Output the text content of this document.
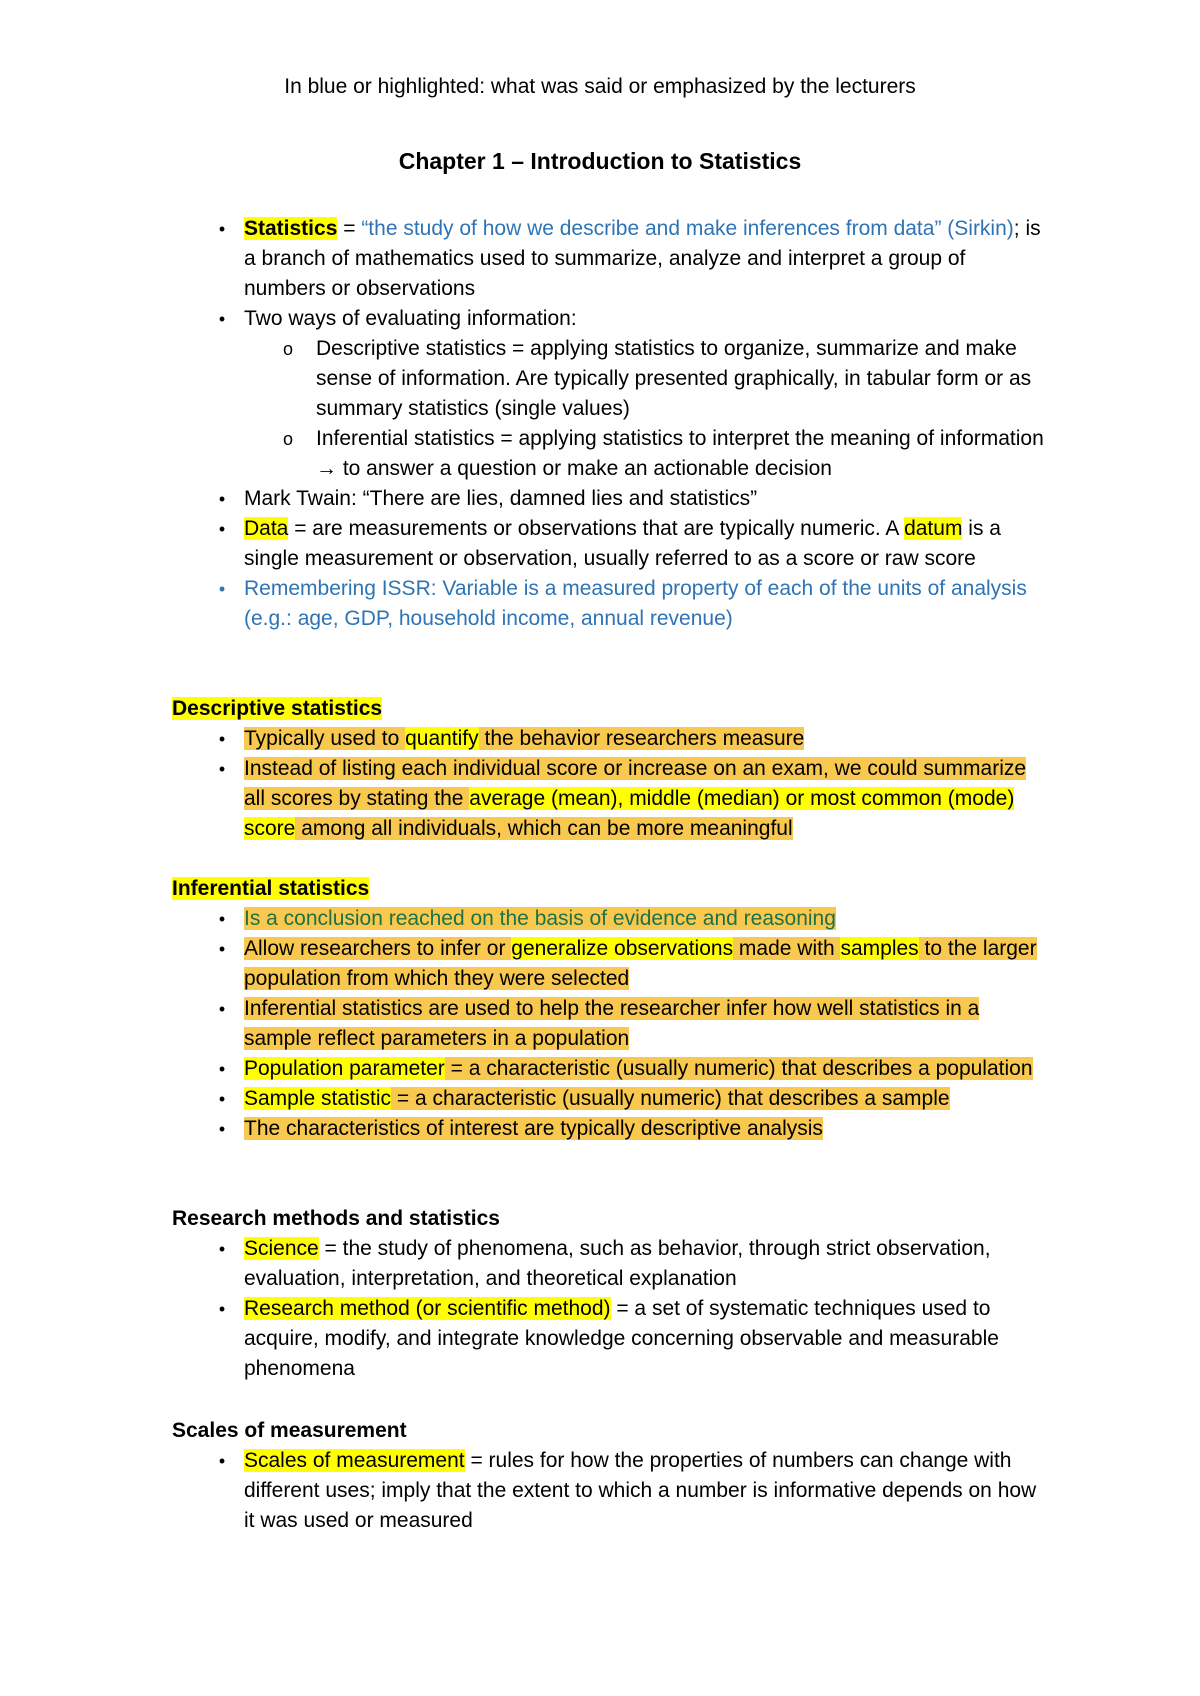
In blue or highlighted: what was said or emphasized by the lecturers
Chapter 1 – Introduction to Statistics
• Statistics = “the study of how we describe and make inferences from data” (Sirkin); is a branch of mathematics used to summarize, analyze and interpret a group of numbers or observations
• Two ways of evaluating information:
o Descriptive statistics = applying statistics to organize, summarize and make sense of information. Are typically presented graphically, in tabular form or as summary statistics (single values)
o Inferential statistics = applying statistics to interpret the meaning of information → to answer a question or make an actionable decision
• Mark Twain: “There are lies, damned lies and statistics”
• Data = are measurements or observations that are typically numeric. A datum is a single measurement or observation, usually referred to as a score or raw score
• Remembering ISSR: Variable is a measured property of each of the units of analysis (e.g.: age, GDP, household income, annual revenue)
Descriptive statistics
• Typically used to quantify the behavior researchers measure
• Instead of listing each individual score or increase on an exam, we could summarize all scores by stating the average (mean), middle (median) or most common (mode) score among all individuals, which can be more meaningful
Inferential statistics
• Is a conclusion reached on the basis of evidence and reasoning
• Allow researchers to infer or generalize observations made with samples to the larger population from which they were selected
• Inferential statistics are used to help the researcher infer how well statistics in a sample reflect parameters in a population
• Population parameter = a characteristic (usually numeric) that describes a population
• Sample statistic = a characteristic (usually numeric) that describes a sample
• The characteristics of interest are typically descriptive analysis
Research methods and statistics
• Science = the study of phenomena, such as behavior, through strict observation, evaluation, interpretation, and theoretical explanation
• Research method (or scientific method) = a set of systematic techniques used to acquire, modify, and integrate knowledge concerning observable and measurable phenomena
Scales of measurement
• Scales of measurement = rules for how the properties of numbers can change with different uses; imply that the extent to which a number is informative depends on how it was used or measured
